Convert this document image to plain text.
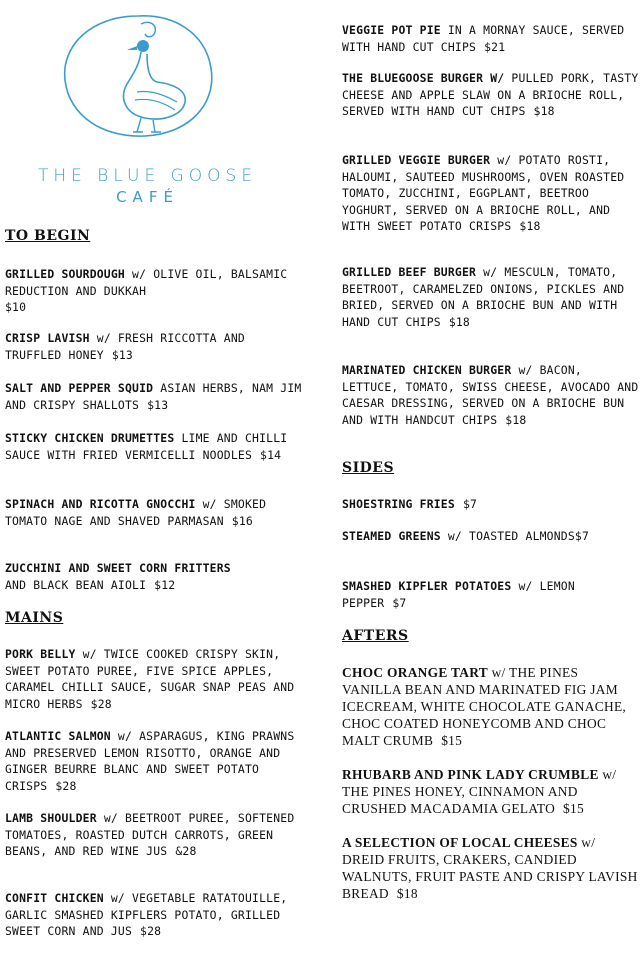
THE BLUE GOOSE
CAFÉ
TO BEGIN
GRILLED SOURDOUGH w/ OLIVE OIL, BALSAMIC REDUCTION AND DUKKAH
$10
CRISP LAVISH w/ FRESH RICCOTTA AND TRUFFLED HONEY $13
SALT AND PEPPER SQUID ASIAN HERBS, NAM JIM AND CRISPY SHALLOTS $13
STICKY CHICKEN DRUMETTES LIME AND CHILLI SAUCE WITH FRIED VERMICELLI NOODLES $14
SPINACH AND RICOTTA GNOCCHI w/ SMOKED TOMATO NAGE AND SHAVED PARMASAN $16
ZUCCHINI AND SWEET CORN FRITTERS
AND BLACK BEAN AIOLI $12
MAINS
PORK BELLY w/ TWICE COOKED CRISPY SKIN, SWEET POTATO PUREE, FIVE SPICE APPLES, CARAMEL CHILLI SAUCE, SUGAR SNAP PEAS AND MICRO HERBS $28
ATLANTIC SALMON w/ ASPARAGUS, KING PRAWNS AND PRESERVED LEMON RISOTTO, ORANGE AND GINGER BEURRE BLANC AND SWEET POTATO CRISPS $28
LAMB SHOULDER w/ BEETROOT PUREE, SOFTENED TOMATOES, ROASTED DUTCH CARROTS, GREEN BEANS, AND RED WINE JUS &28
CONFIT CHICKEN w/ VEGETABLE RATATOUILLE, GARLIC SMASHED KIPFLERS POTATO, GRILLED SWEET CORN AND JUS $28
VEGGIE POT PIE IN A MORNAY SAUCE, SERVED WITH HAND CUT CHIPS $21
THE BLUEGOOSE BURGER W/ PULLED PORK, TASTY CHEESE AND APPLE SLAW ON A BRIOCHE ROLL, SERVED WITH HAND CUT CHIPS $18
GRILLED VEGGIE BURGER w/ POTATO ROSTI, HALOUMI, SAUTEED MUSHROOMS, OVEN ROASTED TOMATO, ZUCCHINI, EGGPLANT, BEETROO YOGHURT, SERVED ON A BRIOCHE ROLL, AND WITH SWEET POTATO CRISPS $18
GRILLED BEEF BURGER w/ MESCULN, TOMATO, BEETROOT, CARAMELZED ONIONS, PICKLES AND BRIED, SERVED ON A BRIOCHE BUN AND WITH HAND CUT CHIPS $18
MARINATED CHICKEN BURGER w/ BACON, LETTUCE, TOMATO, SWISS CHEESE, AVOCADO AND CAESAR DRESSING, SERVED ON A BRIOCHE BUN AND WITH HANDCUT CHIPS $18
SIDES
SHOESTRING FRIES $7
STEAMED GREENS w/ TOASTED ALMONDS$7
SMASHED KIPFLER POTATOES w/ LEMON PEPPER $7
AFTERS
CHOC ORANGE TART w/ THE PINES VANILLA BEAN AND MARINATED FIG JAM ICECREAM, WHITE CHOCOLATE GANACHE, CHOC COATED HONEYCOMB AND CHOC MALT CRUMB $15
RHUBARB AND PINK LADY CRUMBLE w/ THE PINES HONEY, CINNAMON AND CRUSHED MACADAMIA GELATO $15
A SELECTION OF LOCAL CHEESES w/ DREID FRUITS, CRAKERS, CANDIED WALNUTS, FRUIT PASTE AND CRISPY LAVISH BREAD $18
